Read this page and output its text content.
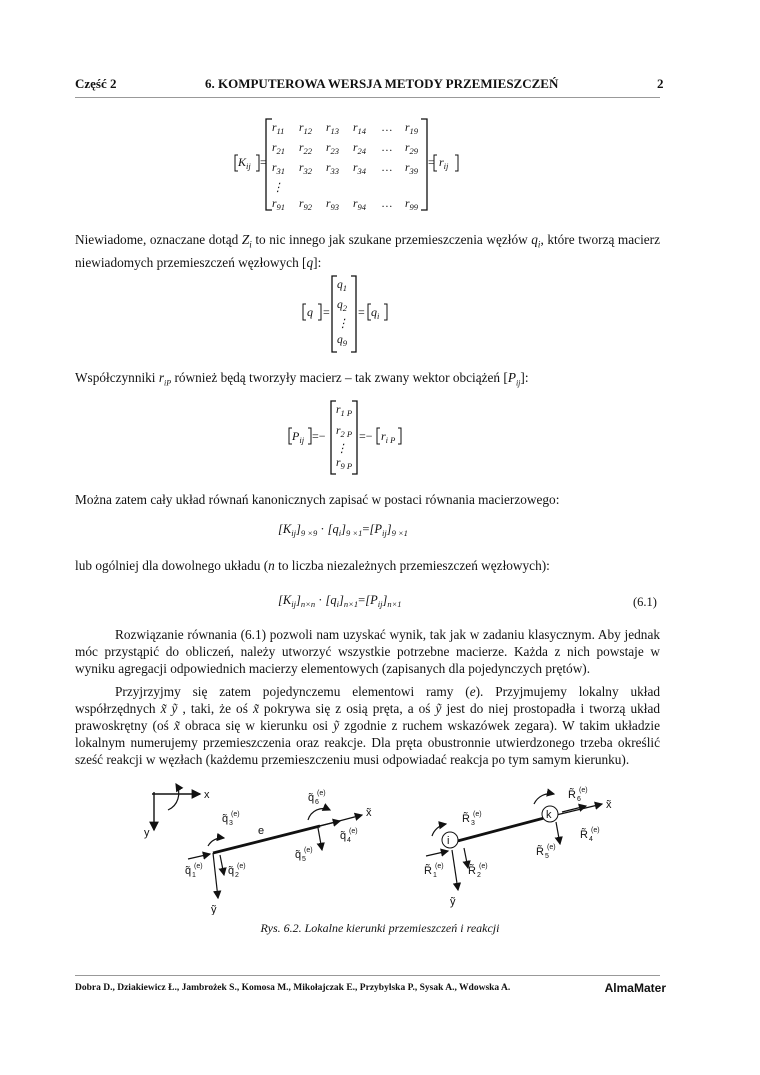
Część 2	6. KOMPUTEROWA WERSJA METODY PRZEMIESZCZEŃ	2
$K_{ij}$ =
$r_{11}$ $r_{12}$ $r_{13}$ $r_{14}$ … $r_{19}$
$r_{21}$ $r_{22}$ $r_{23}$ $r_{24}$ … $r_{29}$
$r_{31}$ $r_{32}$ $r_{33}$ $r_{34}$ … $r_{39}$
⋮
$r_{91}$ $r_{92}$ $r_{93}$ $r_{94}$ … $r_{99}$
= $r_{ij}$
Niewiadome, oznaczane dotąd $Z_i$ to nic innego jak szukane przemieszczenia węzłów $q_i$, które tworzą macierz niewiadomych przemieszczeń węzłowych [q]:
q =
$q_1$
$q_2$
⋮
$q_9$
= $q_i$
Współczynniki $r_{iP}$ również będą tworzyły macierz – tak zwany wektor obciążeń $[P_{ij}]$:
$P_{ij}$ =−
$r_{1 P}$
$r_{2 P}$
⋮
$r_{9 P}$
=− $r_{i P}$
Można zatem cały układ równań kanonicznych zapisać w postaci równania macierzowego:
$[K_{ij}]_{9 \times 9} \cdot [q_i]_{9 \times 1}=[P_{ij}]_{9 \times 1}$
lub ogólniej dla dowolnego układu (n to liczba niezależnych przemieszczeń węzłowych):
$[K_{ij}]_{n\times n} \cdot [q_i]_{n\times 1}=[P_{ij}]_{n\times 1}$	(6.1)
Rozwiązanie równania (6.1) pozwoli nam uzyskać wynik, tak jak w zadaniu klasycznym. Aby jednak móc przystąpić do obliczeń, należy utworzyć wszystkie potrzebne macierze. Każda z nich powstaje w wyniku agregacji odpowiednich macierzy elementowych (zapisanych dla pojedynczych prętów).
Przyjrzyjmy się zatem pojedynczemu elementowi ramy (e). Przyjmujemy lokalny układ współrzędnych x̃ ỹ , taki, że oś x̃ pokrywa się z osią pręta, a oś ỹ jest do niej prostopadła i tworzą układ prawoskrętny (oś x̃ obraca się w kierunku osi ỹ zgodnie z ruchem wskazówek zegara). W takim układzie lokalnym numerujemy przemieszczenia oraz reakcje. Dla pręta obustronnie utwierdzonego trzeba określić sześć reakcji w węzłach (każdemu przemieszczeniu musi odpowiadać reakcja po tym samym kierunku).
x
y
x̃
ỹ
e
q̃ 1
(e) q̃ 2
(e)
q̃ 3
(e)
q̃ 4
(e)
q̃ 5
(e)
q̃ 6
(e)
x̃
ỹ
i
k
R̃ 1
(e) R̃ 2
(e)
R̃ 3
(e)
R̃ 4
(e)
R̃ 5
(e)
R̃ 6
(e)
Rys. 6.2. Lokalne kierunki przemieszczeń i reakcji
Dobra D., Dziakiewicz Ł., Jambrożek S., Komosa M., Mikołajczak E., Przybylska P., Sysak A., Wdowska A.	AlmaMater
